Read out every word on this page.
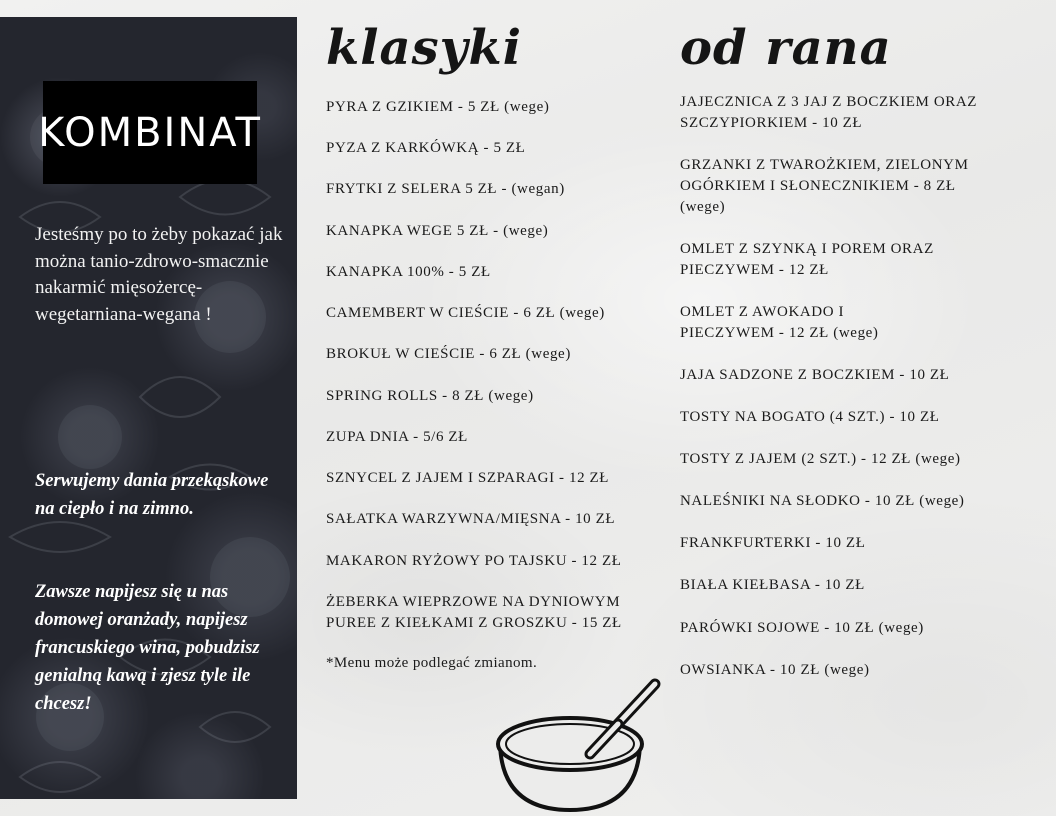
KOMBINAT

Jesteśmy po to żeby pokazać jak można tanio-zdrowo-smacznie nakarmić mięsożercę-wegetarniana-wegana !

Serwujemy dania przekąskowe na ciepło i na zimno.

Zawsze napijesz się u nas domowej oranżady, napijesz francuskiego wina, pobudzisz genialną kawą i zjesz tyle ile chcesz!

klasyki	od rana
PYRA Z GZIKIEM - 5 ZŁ (wege)
PYZA Z KARKÓWKĄ - 5 ZŁ
FRYTKI Z SELERA 5 ZŁ - (wegan)
KANAPKA WEGE 5 ZŁ - (wege)
KANAPKA 100% - 5 ZŁ
CAMEMBERT W CIEŚCIE - 6 ZŁ (wege)
BROKUŁ W CIEŚCIE - 6 ZŁ (wege)
SPRING ROLLS - 8 ZŁ (wege)
ZUPA DNIA - 5/6 ZŁ
SZNYCEL Z JAJEM I SZPARAGI - 12 ZŁ
SAŁATKA WARZYWNA/MIĘSNA - 10 ZŁ
MAKARON RYŻOWY PO TAJSKU - 12 ZŁ
ŻEBERKA WIEPRZOWE NA DYNIOWYM
PUREE Z KIEŁKAMI Z GROSZKU - 15 ZŁ

*Menu może podlegać zmianom.

JAJECZNICA Z 3 JAJ Z BOCZKIEM ORAZ
SZCZYPIORKIEM - 10 ZŁ
GRZANKI Z TWAROŻKIEM, ZIELONYM
OGÓRKIEM I SŁONECZNIKIEM - 8 ZŁ
(wege)
OMLET Z SZYNKĄ I POREM ORAZ
PIECZYWEM - 12 ZŁ
OMLET Z AWOKADO I
PIECZYWEM - 12 ZŁ (wege)
JAJA SADZONE Z BOCZKIEM - 10 ZŁ
TOSTY NA BOGATO (4 SZT.) - 10 ZŁ
TOSTY Z JAJEM (2 SZT.) - 12 ZŁ (wege)
NALEŚNIKI NA SŁODKO - 10 ZŁ (wege)
FRANKFURTERKI - 10 ZŁ
BIAŁA KIEŁBASA - 10 ZŁ
PARÓWKI SOJOWE - 10 ZŁ (wege)
OWSIANKA - 10 ZŁ (wege)
